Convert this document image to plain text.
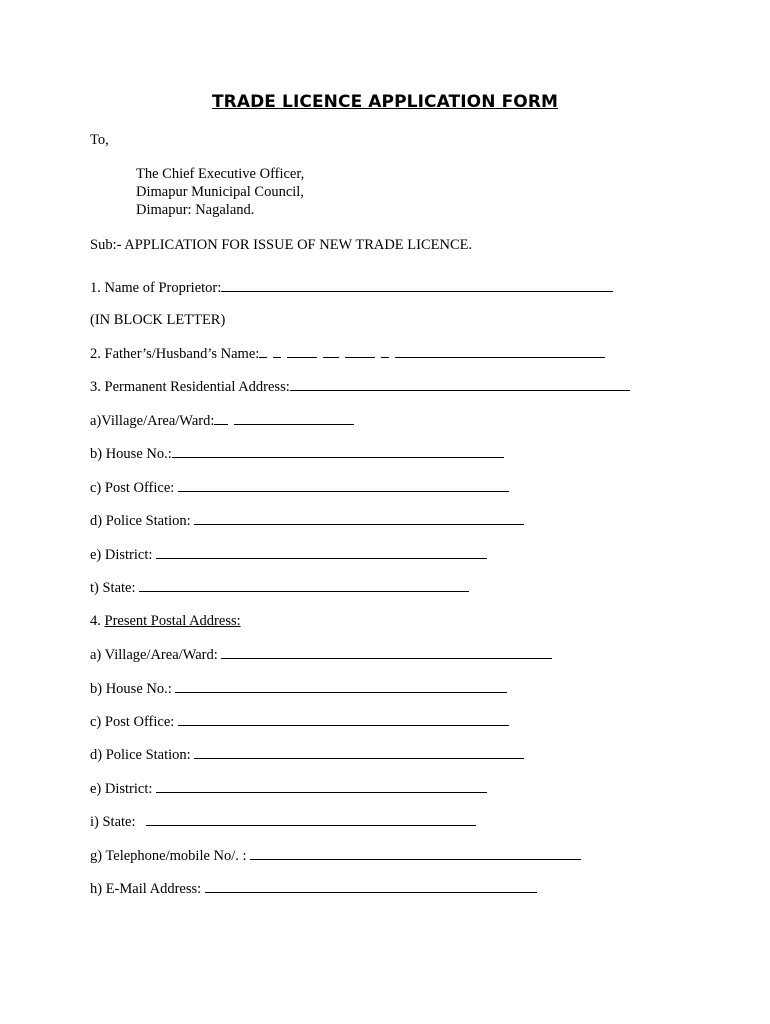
TRADE LICENCE APPLICATION FORM
To,
The Chief Executive Officer,
Dimapur Municipal Council,
Dimapur: Nagaland.
Sub:- APPLICATION FOR ISSUE OF NEW TRADE LICENCE.
1. Name of Proprietor:
(IN BLOCK LETTER)
2. Father’s/Husband’s Name:
3. Permanent Residential Address:
a)Village/Area/Ward:
b) House No.:
c) Post Office:
d) Police Station:
e) District:
t) State:
4. Present Postal Address:
a) Village/Area/Ward:
b) House No.:
c) Post Office:
d) Police Station:
e) District:
i) State:
g) Telephone/mobile No/. :
h) E-Mail Address:
